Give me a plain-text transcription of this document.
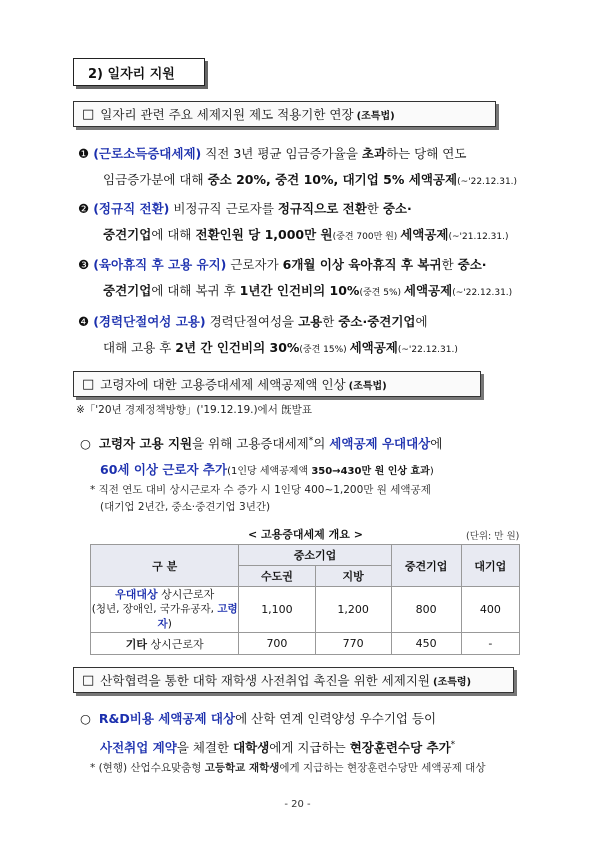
2) 일자리 지원
□ 일자리 관련 주요 세제지원 제도 적용기한 연장 (조특법)
❶ (근로소득증대세제) 직전 3년 평균 임금증가율을 초과하는 당해 연도
임금증가분에 대해 중소 20%, 중견 10%, 대기업 5% 세액공제(~'22.12.31.)
❷ (정규직 전환) 비정규직 근로자를 정규직으로 전환한 중소·
중견기업에 대해 전환인원 당 1,000만 원(중견 700만 원) 세액공제(~'21.12.31.)
❸ (육아휴직 후 고용 유지) 근로자가 6개월 이상 육아휴직 후 복귀한 중소·
중견기업에 대해 복귀 후 1년간 인건비의 10%(중견 5%) 세액공제(~'22.12.31.)
❹ (경력단절여성 고용) 경력단절여성을 고용한 중소·중견기업에
대해 고용 후 2년 간 인건비의 30%(중견 15%) 세액공제(~'22.12.31.)
□ 고령자에 대한 고용증대세제 세액공제액 인상 (조특법)
※「'20년 경제정책방향」('19.12.19.)에서 旣발표
○ 고령자 고용 지원을 위해 고용증대세제*의 세액공제 우대대상에
60세 이상 근로자 추가(1인당 세액공제액 350→430만 원 인상 효과)
* 직전 연도 대비 상시근로자 수 증가 시 1인당 400~1,200만 원 세액공제
(대기업 2년간, 중소·중견기업 3년간)
< 고용증대세제 개요 >	(단위: 만 원)
구 분	중소기업		중견기업	대기업
	수도권	지방		

우대대상 상시근로자
(청년, 장애인, 국가유공자, 고령자)	1,100	1,200	800	400
기타 상시근로자	700	770	450	-
□ 산학협력을 통한 대학 재학생 사전취업 촉진을 위한 세제지원 (조특령)
○ R&D비용 세액공제 대상에 산학 연계 인력양성 우수기업 등이
사전취업 계약을 체결한 대학생에게 지급하는 현장훈련수당 추가*
* (현행) 산업수요맞춤형 고등학교 재학생에게 지급하는 현장훈련수당만 세액공제 대상
- 20 -
